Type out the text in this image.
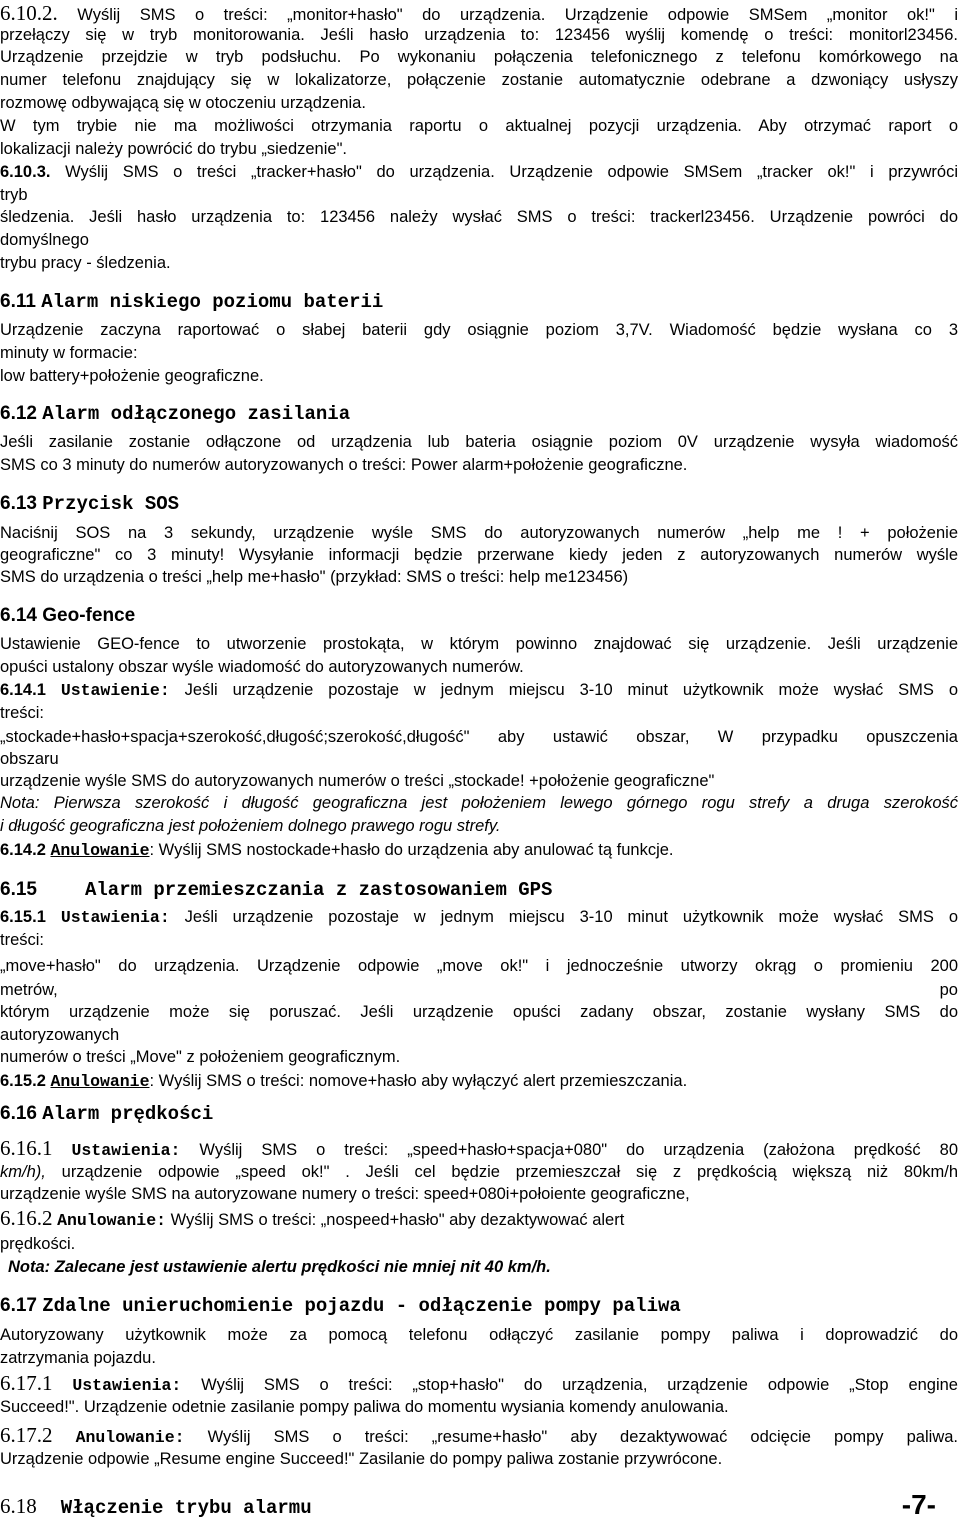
6.10.2. Wyślij SMS o treści: „monitor+hasło" do urządzenia. Urządzenie odpowie SMSem „monitor ok!" i
przełączy się w tryb monitorowania. Jeśli hasło urządzenia to: 123456 wyślij komendę o treści: monitorl23456.
Urządzenie przejdzie w tryb podsłuchu. Po wykonaniu połączenia telefonicznego z telefonu komórkowego na
numer telefonu znajdujący się w lokalizatorze, połączenie zostanie automatycznie odebrane a dzwoniący usłyszy
rozmowę odbywającą się w otoczeniu urządzenia.
W tym trybie nie ma możliwości otrzymania raportu o aktualnej pozycji urządzenia. Aby otrzymać raport o
lokalizacji należy powrócić do trybu „siedzenie".
6.10.3. Wyślij SMS o treści „tracker+hasło" do urządzenia. Urządzenie odpowie SMSem „tracker ok!" i przywróci
tryb
śledzenia. Jeśli hasło urządzenia to: 123456 należy wysłać SMS o treści: trackerl23456. Urządzenie powróci do
domyślnego
trybu pracy - śledzenia.
6.11 Alarm niskiego poziomu baterii
Urządzenie zaczyna raportować o słabej baterii gdy osiągnie poziom 3,7V. Wiadomość będzie wysłana co 3
minuty w formacie:
low battery+położenie geograficzne.
6.12 Alarm odłączonego zasilania
Jeśli zasilanie zostanie odłączone od urządzenia lub bateria osiągnie poziom 0V urządzenie wysyła wiadomość
SMS co 3 minuty do numerów autoryzowanych o treści: Power alarm+położenie geograficzne.
6.13 Przycisk SOS
Naciśnij SOS na 3 sekundy, urządzenie wyśle SMS do autoryzowanych numerów „help me ! + położenie
geograficzne" co 3 minuty! Wysyłanie informacji będzie przerwane kiedy jeden z autoryzowanych numerów wyśle
SMS do urządzenia o treści „help me+hasło" (przykład: SMS o treści: help me123456)
6.14 Geo-fence
Ustawienie GEO-fence to utworzenie prostokąta, w którym powinno znajdować się urządzenie. Jeśli urządzenie
opuści ustalony obszar wyśle wiadomość do autoryzowanych numerów.
6.14.1 Ustawienie: Jeśli urządzenie pozostaje w jednym miejscu 3-10 minut użytkownik może wysłać SMS o
treści:
„stockade+hasło+spacja+szerokość,długość;szerokość,długość" aby ustawić obszar, W przypadku opuszczenia
obszaru
urządzenie wyśle SMS do autoryzowanych numerów o treści „stockade! +położenie geograficzne"
Nota: Pierwsza szerokość i długość geograficzna jest położeniem lewego górnego rogu strefy a druga szerokość
i długość geograficzna jest położeniem dolnego prawego rogu strefy.
6.14.2 Anulowanie: Wyślij SMS nostockade+hasło do urządzenia aby anulować tą funkcje.
6.15	Alarm przemieszczania z zastosowaniem GPS
6.15.1 Ustawienia: Jeśli urządzenie pozostaje w jednym miejscu 3-10 minut użytkownik może wysłać SMS o
treści:
„move+hasło" do urządzenia. Urządzenie odpowie „move ok!" i jednocześnie utworzy okrąg o promieniu 200
metrów, po
którym urządzenie może się poruszać. Jeśli urządzenie opuści zadany obszar, zostanie wysłany SMS do
autoryzowanych
numerów o treści „Move" z położeniem geograficznym.
6.15.2 Anulowanie: Wyślij SMS o treści: nomove+hasło aby wyłączyć alert przemieszczania.
6.16 Alarm prędkości
6.16.1 Ustawienia: Wyślij SMS o treści: „speed+hasło+spacja+080" do urządzenia (założona prędkość 80
km/h), urządzenie odpowie „speed ok!" . Jeśli cel będzie przemieszczał się z prędkością większą niż 80km/h
urządzenie wyśle SMS na autoryzowane numery o treści: speed+080i+połoiente geograficzne,
6.16.2 Anulowanie: Wyślij SMS o treści: „nospeed+hasło" aby dezaktywować alert
prędkości.
Nota: Zalecane jest ustawienie alertu prędkości nie mniej nit 40 km/h.
6.17 Zdalne unieruchomienie pojazdu - odłączenie pompy paliwa
Autoryzowany użytkownik może za pomocą telefonu odłączyć zasilanie pompy paliwa i doprowadzić do
zatrzymania pojazdu.
6.17.1 Ustawienia: Wyślij SMS o treści: „stop+hasło" do urządzenia, urządzenie odpowie „Stop engine
Succeed!". Urządzenie odetnie zasilanie pompy paliwa do momentu wysiania komendy anulowania.
6.17.2 Anulowanie: Wyślij SMS o treści: „resume+hasło" aby dezaktywować odcięcie pompy paliwa.
Urządzenie odpowie „Resume engine Succeed!" Zasilanie do pompy paliwa zostanie przywrócone.
6.18 Włączenie trybu alarmu	-7-
